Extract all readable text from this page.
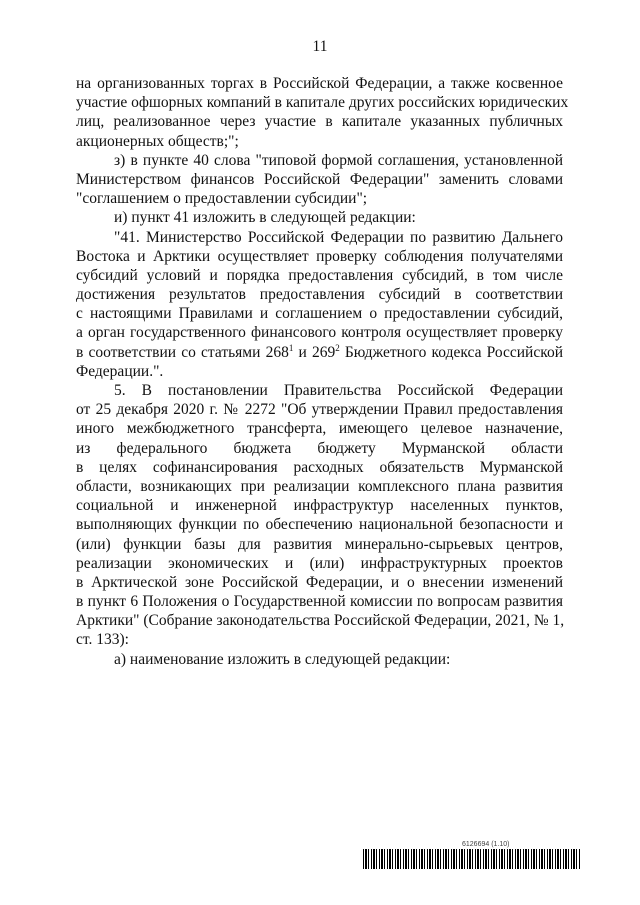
11
на организованных торгах в Российской Федерации, а также косвенное
участие офшорных компаний в капитале других российских юридических
лиц, реализованное через участие в капитале указанных публичных
акционерных обществ;";
з) в пункте 40 слова "типовой формой соглашения, установленной
Министерством финансов Российской Федерации" заменить словами
"соглашением о предоставлении субсидии";
и) пункт 41 изложить в следующей редакции:
"41. Министерство Российской Федерации по развитию Дальнего
Востока и Арктики осуществляет проверку соблюдения получателями
субсидий условий и порядка предоставления субсидий, в том числе
достижения результатов предоставления субсидий в соответствии
с настоящими Правилами и соглашением о предоставлении субсидий,
а орган государственного финансового контроля осуществляет проверку
в соответствии со статьями $268^1$ и $269^2$ Бюджетного кодекса Российской
Федерации.".
5. В постановлении Правительства Российской Федерации
от 25 декабря 2020 г. № 2272 "Об утверждении Правил предоставления
иного межбюджетного трансферта, имеющего целевое назначение,
из федерального бюджета бюджету Мурманской области
в целях софинансирования расходных обязательств Мурманской
области, возникающих при реализации комплексного плана развития
социальной и инженерной инфраструктур населенных пунктов,
выполняющих функции по обеспечению национальной безопасности и
(или) функции базы для развития минерально-сырьевых центров,
реализации экономических и (или) инфраструктурных проектов
в Арктической зоне Российской Федерации, и о внесении изменений
в пункт 6 Положения о Государственной комиссии по вопросам развития
Арктики" (Собрание законодательства Российской Федерации, 2021, № 1,
ст. 133):
а) наименование изложить в следующей редакции:
6126694 (1.10)
